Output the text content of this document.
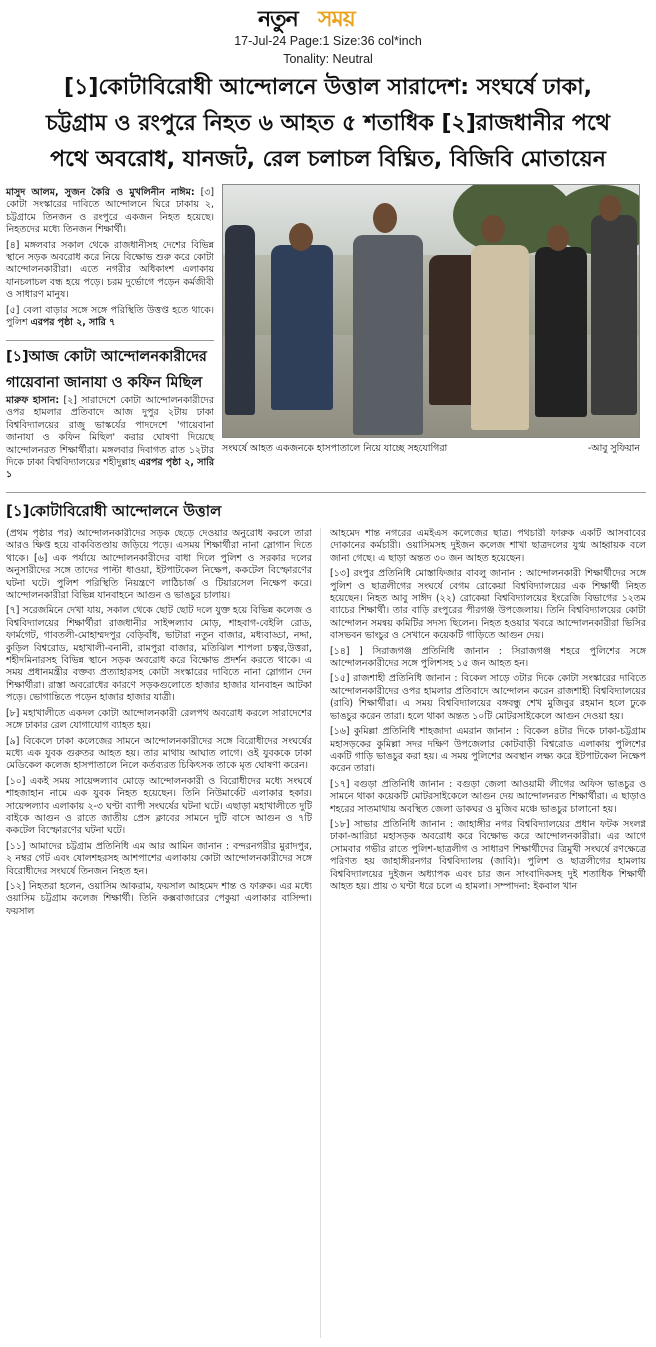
নতুন সময়
17-Jul-24 Page:1 Size:36 col*inch
Tonality: Neutral
[১]কোটাবিরোধী আন্দোলনে উত্তাল সারাদেশ: সংঘর্ষে ঢাকা,
চট্টগ্রাম ও রংপুরে নিহত ৬ আহত ৫ শতাধিক [২]রাজধানীর পথে
পথে অবরোধ, যানজট, রেল চলাচল বিঘ্নিত, বিজিবি মোতায়েন
মাসুদ আলম, সুজন কৈরি ও মুখলিনীন নাঈম: [৩] কোটা সংস্কারের দাবিতে আন্দোলনে ঘিরে ঢাকায় ২, চট্টগ্রামে তিনজন ও রংপুরে একজন নিহত হয়েছে। নিহতদের মধ্যে তিনজন শিক্ষার্থী।
[৪] মঙ্গলবার সকাল থেকে রাজধানীসহ দেশের বিভিন্ন স্থানে সড়ক অবরোধ করে নিয়ে বিক্ষোভ শুরু করে কোটা আন্দোলনকারীরা। এতে নগরীর অধিকাংশ এলাকায় যানচলাচল বন্ধ হয়ে পড়ে। চরম দুর্ভোগে পড়েন কর্মজীবী ও সাধারণ মানুষ।
[৫] বেলা বাড়ার সঙ্গে সঙ্গে পরিস্থিতি উত্তপ্ত হতে থাকে। পুলিশ এরপর পৃষ্ঠা ২, সারি ৭
[১]আজ কোটা আন্দোলনকারীদের
গায়েবানা জানাযা ও কফিন মিছিল
মারুফ হাসান: [২] সারাদেশে কোটা আন্দোলনকারীদের ওপর হামলার প্রতিবাদে আজ দুপুর ২টায় ঢাকা বিশ্ববিদ্যালয়ের রাজু ভাস্কর্যের পাদদেশে 'গায়েবানা জানাযা ও কফিন মিছিল' করার ঘোষণা দিয়েছে আন্দোলনরত শিক্ষার্থীরা। মঙ্গলবার দিবাগত রাত ১২টার দিকে ঢাকা বিশ্ববিদ্যালয়ের শহীদুল্লাহ এরপর পৃষ্ঠা ২, সারি ১
সংঘর্ষে আহত একজনকে হাসপাতালে নিয়ে যাচ্ছে সহযোগিরা	-আবু সুফিয়ান
[১]কোটাবিরোধী আন্দোলনে উত্তাল
(প্রথম পৃষ্ঠার পর) আন্দোলনকারীদের সড়ক ছেড়ে দেওয়ার অনুরোধ করলে তারা আরও ক্ষিপ্ত হয়ে বাকবিতণ্ডায় জড়িয়ে পড়ে। এসময় শিক্ষার্থীরা নানা স্লোগান দিতে থাকে। [৬] এক পর্যায়ে আন্দোলনকারীদের বাধা দিলে পুলিশ ও সরকার দলের অনুসারীদের সঙ্গে তাদের পাল্টা ধাওয়া, ইটপাটকেল নিক্ষেপ, ককটেল বিস্ফোরণের ঘটনা ঘটে। পুলিশ পরিস্থিতি নিয়ন্ত্রণে লাঠিচার্জ ও টিয়ারসেল নিক্ষেপ করে। আন্দোলনকারীরা বিভিন্ন যানবাহনে আগুন ও ভাঙচুর চালায়।
[৭] সরেজমিনে দেখা যায়, সকাল থেকে ছোট ছোট দলে যুক্ত হয়ে বিভিন্ন কলেজ ও বিশ্ববিদ্যালয়ের শিক্ষার্থীরা রাজধানীর সাইন্সল্যাব মোড়, শাহবাগ-বেইলি রোড, ফার্মগেট, গাবতলী-মোহাম্মদপুর বেড়িবাঁধ, ভাটারা নতুন বাজার, মধ্যবাড্ডা, নদ্দা, কুড়িল বিশ্বরোড, মহাখালী-বনানী, রামপুরা বাজার, মতিঝিল শাপলা চত্বর,উত্তরা, শহীদমিনারসহ বিভিন্ন স্থানে সড়ক অবরোধ করে বিক্ষোভ প্রদর্শন করতে থাকে। এ সময় প্রধানমন্ত্রীর বক্তব্য প্রত্যাহারসহ কোটা সংস্কারের দাবিতে নানা স্লোগান দেন শিক্ষার্থীরা। রাস্তা অবরোধের কারণে সড়কগুলোতে হাজার হাজার যানবাহন আটকা পড়ে। ভোগান্তিতে পড়েন হাজার হাজার যাত্রী।
[৮] মহাখালীতে একদল কোটা আন্দোলনকারী রেলপথ অবরোধ করলে সারাদেশের সঙ্গে ঢাকার রেল যোগাযোগ ব্যাহত হয়।
[৯] বিকেলে ঢাকা কলেজের সামনে আন্দোলনকারীদের সঙ্গে বিরোধীদের সংঘর্ষের মধ্যে এক যুবক গুরুতর আহত হয়। তার মাথায় আঘাত লাগে। ওই যুবককে ঢাকা মেডিকেল কলেজ হাসপাতালে নিলে কর্তব্যরত চিকিৎসক তাকে মৃত ঘোষণা করেন।
[১০] একই সময় সায়েন্সল্যাব মোড়ে আন্দোলনকারী ও বিরোধীদের মধ্যে সংঘর্ষে শাহজাহান নামে এক যুবক নিহত হয়েছেন। তিনি নিউমার্কেট এলাকার হকার। সায়েন্সল্যাব এলাকায় ২-৩ ঘণ্টা ব্যাপী সংঘর্ষের ঘটনা ঘটে। এছাড়া মহাখালীতে দুটি বাইকে আগুন ও রাতে জাতীয় প্রেস ক্লাবের সামনে দুটি বাসে আগুন ও ৭টি ককটেল বিস্ফোরণের ঘটনা ঘটে।
[১১] আমাদের চট্টগ্রাম প্রতিনিধি এম আর আমিন জানান : বন্দরনগরীর মুরাদপুর, ২ নম্বর গেট এবং ষোলশহরসহ আশপাশের এলাকায় কোটা আন্দোলনকারীদের সঙ্গে বিরোধীদের সংঘর্ষে তিনজন নিহত হন।
[১২] নিহতরা হলেন, ওয়াসিম আকরাম, ফয়সাল আহমেদ শান্ত ও ফারুক। এর মধ্যে ওয়াসিম চট্টগ্রাম কলেজ শিক্ষার্থী। তিনি কক্সবাজারের পেকুয়া এলাকার বাসিন্দা। ফয়সাল
আহমেদ শান্ত নগরের এমইএস কলেজের ছাত্র। পথচারী ফারুক একটি আসবাবের দোকানের কর্মচারী। ওয়াসিমসহ দুইজন কলেজ শাখা ছাত্রদলের যুগ্ম আহ্বায়ক বলে জানা গেছে। এ ছাড়া অন্তত ৩০ জন আহত হয়েছেন।
[১৩] রংপুর প্রতিনিধি মোস্তাফিজার বাবলু জানান : আন্দোলনকারী শিক্ষার্থীদের সঙ্গে পুলিশ ও ছাত্রলীগের সংঘর্ষে বেগম রোকেয়া বিশ্ববিদ্যালয়ের এক শিক্ষার্থী নিহত হয়েছেন। নিহত আবু সাঈদ (২২) রোকেয়া বিশ্ববিদ্যালয়ের ইংরেজি বিভাগের ১২তম ব্যাচের শিক্ষার্থী। তার বাড়ি রংপুরের পীরগঞ্জ উপজেলায়। তিনি বিশ্ববিদ্যালয়ের কোটা আন্দোলন সমন্বয় কমিটির সদস্য ছিলেন। নিহত হওয়ার খবরে আন্দোলনকারীরা ভিসির বাসভবন ভাংচুর ও সেখানে কয়েকটি গাড়িতে আগুন দেয়।
[১৪] ] সিরাজগঞ্জ প্রতিনিধি জানান : সিরাজগঞ্জ শহরে পুলিশের সঙ্গে আন্দোলনকারীদের সঙ্গে পুলিশসহ ১৫ জন আহত হন।
[১৫] রাজশাহী প্রতিনিধি জানান : বিকেল সাড়ে ৩টার দিকে কোটা সংস্কারের দাবিতে আন্দোলনকারীদের ওপর হামলার প্রতিবাদে আন্দোলন করেন রাজশাহী বিশ্ববিদ্যালয়ের (রাবি) শিক্ষার্থীরা। এ সময় বিশ্ববিদ্যালয়ের বঙ্গবন্ধু শেখ মুজিবুর রহমান হলে ঢুকে ভাঙচুর করেন তারা। হলে থাকা অন্তত ১০টি মোটরসাইকেলে আগুন দেওয়া হয়।
[১৬] কুমিল্লা প্রতিনিধি শাহজাদা এমরান জানান : বিকেল ৪টার দিকে ঢাকা-চট্টগ্রাম মহাসড়কের কুমিল্লা সদর দক্ষিণ উপজেলার কোটবাড়ী বিশ্বরোড এলাকায় পুলিশের একটি গাড়ি ভাঙচুর করা হয়। এ সময় পুলিশের অবস্থান লক্ষ্য করে ইটপাটকেল নিক্ষেপ করেন তারা।
[১৭] বগুড়া প্রতিনিধি জানান : বগুড়া জেলা আওয়ামী লীগের অফিস ভাঙচুর ও সামনে থাকা কয়েকটি মোটরসাইকেলে আগুন দেয় আন্দোলনরত শিক্ষার্থীরা। এ ছাড়াও শহরের সাতমাথায় অবস্থিত জেলা ডাকঘর ও মুজিব মঞ্চে ভাঙচুর চালানো হয়।
[১৮] সাভার প্রতিনিধি জানান : জাহাঙ্গীর নগর বিশ্ববিদ্যালয়ের প্রধান ফটক সংলগ্ন ঢাকা-আরিচা মহাসড়ক অবরোধ করে বিক্ষোভ করে আন্দোলনকারীরা। এর আগে সোমবার গভীর রাতে পুলিশ-ছাত্রলীগ ও সাধারণ শিক্ষার্থীদের ত্রিমুখী সংঘর্ষে রণক্ষেত্রে পরিণত হয় জাহাঙ্গীরনগর বিশ্ববিদ্যালয় (জাবি)। পুলিশ ও ছাত্রলীগের হামলায় বিশ্ববিদ্যালয়ের দুইজন অধ্যাপক এবং চার জন সাংবাদিকসহ দুই শতাধিক শিক্ষার্থী আহত হয়। প্রায় ৩ ঘণ্টা ধরে চলে এ হামলা। সম্পাদনা: ইকবাল খান
